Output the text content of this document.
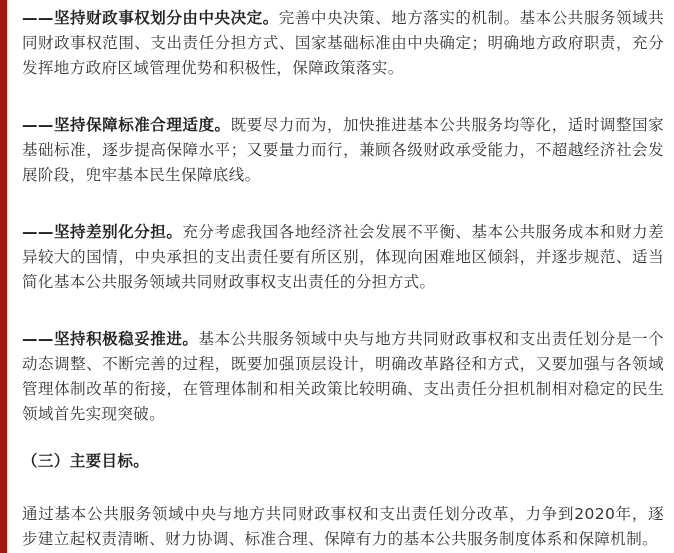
——坚持财政事权划分由中央决定。完善中央决策、地方落实的机制。基本公共服务领域共同财政事权范围、支出责任分担方式、国家基础标准由中央确定；明确地方政府职责，充分发挥地方政府区域管理优势和积极性，保障政策落实。

——坚持保障标准合理适度。既要尽力而为，加快推进基本公共服务均等化，适时调整国家基础标准，逐步提高保障水平；又要量力而行，兼顾各级财政承受能力，不超越经济社会发展阶段，兜牢基本民生保障底线。

——坚持差别化分担。充分考虑我国各地经济社会发展不平衡、基本公共服务成本和财力差异较大的国情，中央承担的支出责任要有所区别，体现向困难地区倾斜，并逐步规范、适当简化基本公共服务领域共同财政事权支出责任的分担方式。

——坚持积极稳妥推进。基本公共服务领域中央与地方共同财政事权和支出责任划分是一个动态调整、不断完善的过程，既要加强顶层设计，明确改革路径和方式，又要加强与各领域管理体制改革的衔接，在管理体制和相关政策比较明确、支出责任分担机制相对稳定的民生领域首先实现突破。

（三）主要目标。

通过基本公共服务领域中央与地方共同财政事权和支出责任划分改革，力争到2020年，逐步建立起权责清晰、财力协调、标准合理、保障有力的基本公共服务制度体系和保障机制。
